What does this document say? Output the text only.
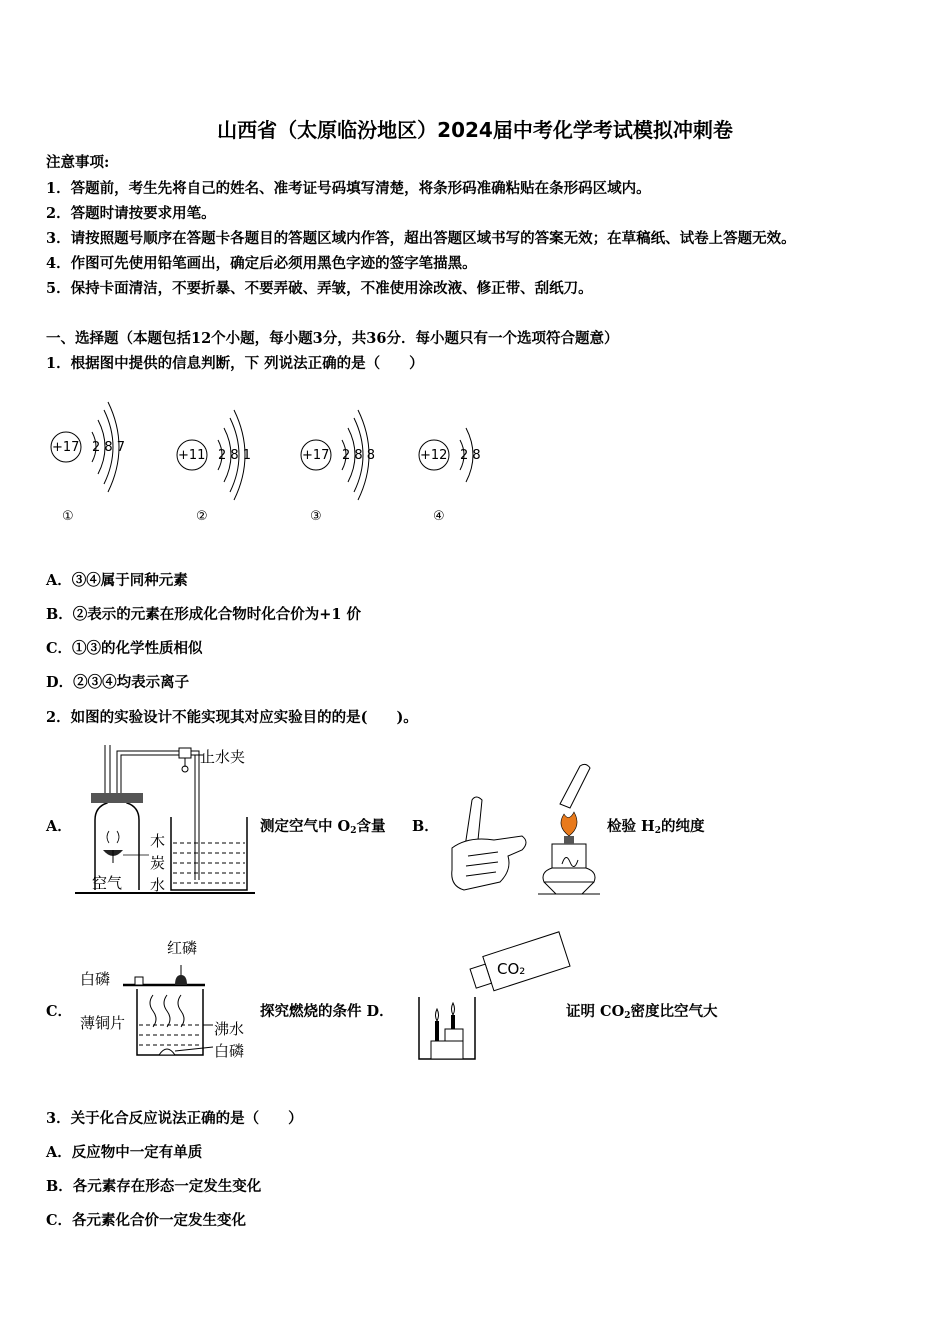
山西省（太原临汾地区）2024届中考化学考试模拟冲刺卷
注意事项:
1．答题前，考生先将自己的姓名、准考证号码填写清楚，将条形码准确粘贴在条形码区域内。
2．答题时请按要求用笔。
3．请按照题号顺序在答题卡各题目的答题区域内作答，超出答题区域书写的答案无效；在草稿纸、试卷上答题无效。
4．作图可先使用铅笔画出，确定后必须用黑色字迹的签字笔描黑。
5．保持卡面清洁，不要折暴、不要弄破、弄皱，不准使用涂改液、修正带、刮纸刀。
一、选择题（本题包括12个小题，每小题3分，共36分．每小题只有一个选项符合题意）
1．根据图中提供的信息判断，下 列说法正确的是（　　）
+17 2 8 7
①
+11 2 8 1
②
+17 2 8 8
③
+12 2 8
④
A．③④属于同种元素
B．②表示的元素在形成化合物时化合价为+1 价
C．①③的化学性质相似
D．②③④均表示离子
2．如图的实验设计不能实现其对应实验目的的是(　　)。
A．
止水夹
木
炭
水
空气
测定空气中 $O_2$含量 B．	检验 $H_2$的纯度
C．
红磷
白磷
薄铜片	沸水
白磷
探究燃烧的条件 D．
CO₂
证明 $CO_2$密度比空气大
3．关于化合反应说法正确的是（　　）
A．反应物中一定有单质
B．各元素存在形态一定发生变化
C．各元素化合价一定发生变化
